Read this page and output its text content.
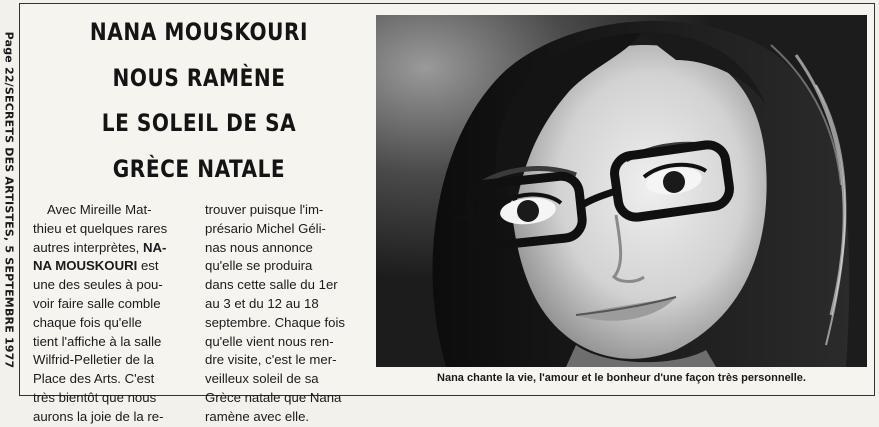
Page 22/SECRETS DES ARTISTES, 5 SEPTEMBRE 1977	NANA MOUSKOURI
NOUS RAMÈNE
LE SOLEIL DE SA
GRÈCE NATALE
Avec Mireille Mat-
thieu et quelques rares
autres interprètes, NA-
NA MOUSKOURI est
une des seules à pou-
voir faire salle comble
chaque fois qu'elle
tient l'affiche à la salle
Wilfrid-Pelletier de la
Place des Arts. C'est
très bientôt que nous
aurons la joie de la re-
trouver puisque l'im-
présario Michel Géli-
nas nous annonce
qu'elle se produira
dans cette salle du 1er
au 3 et du 12 au 18
septembre. Chaque fois
qu'elle vient nous ren-
dre visite, c'est le mer-
veilleux soleil de sa
Grèce natale que Nana
ramène avec elle.
Nana chante la vie, l'amour et le bonheur d'une façon très personnelle.
